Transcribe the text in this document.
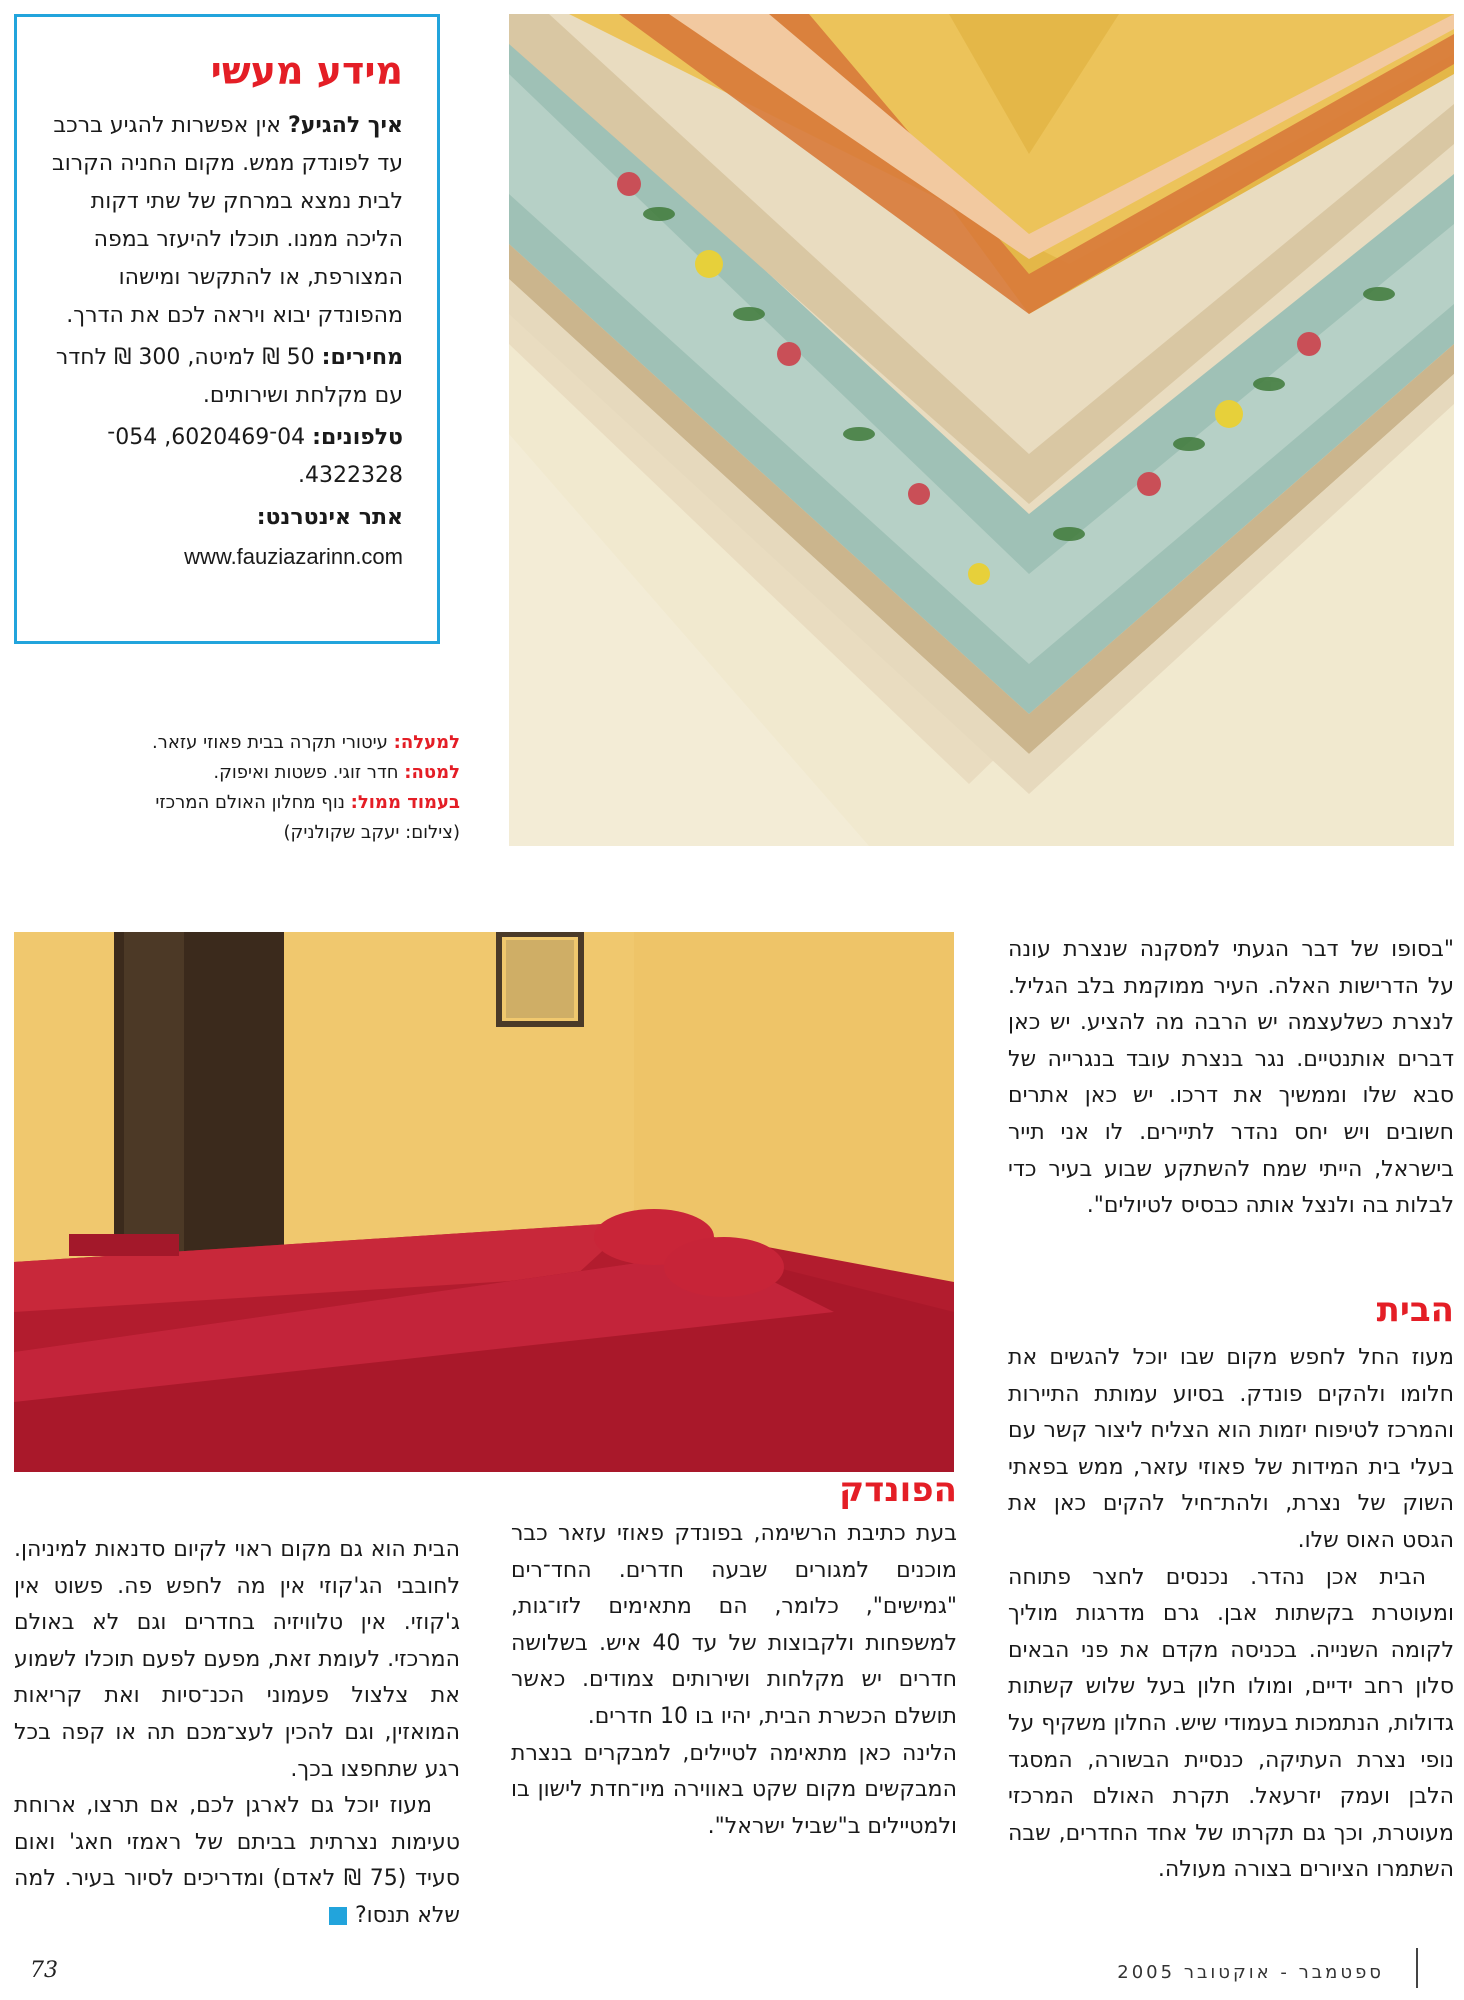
מידע מעשי

איך להגיע? אין אפשרות להגיע ברכב עד לפונדק ממש. מקום החניה הקרוב לבית נמצא במרחק של שתי דקות הליכה ממנו. תוכלו להיעזר במפה המצורפת, או להתקשר ומישהו מהפונדק יבוא ויראה לכם את הדרך.

מחירים: 50 ₪ למיטה, 300 ₪ לחדר עם מקלחת ושירותים.

טלפונים: 04־6020469, 054־4322328.

אתר אינטרנט:

www.fauziazarinn.com
למעלה: עיטורי תקרה בבית פאוזי עזאר.
למטה: חדר זוגי. פשטות ואיפוק.
בעמוד ממול: נוף מחלון האולם המרכזי
(צילום: יעקב שקולניק)

"בסופו של דבר הגעתי למסקנה שנצרת עונה על הדרישות האלה. העיר ממוקמת בלב הגליל. לנצרת כשלעצמה יש הרבה מה להציע. יש כאן דברים אותנטיים. נגר בנצרת עובד בנגרייה של סבא שלו וממשיך את דרכו. יש כאן אתרים חשובים ויש יחס נהדר לתיירים. לו אני תייר בישראל, הייתי שמח להשתקע שבוע בעיר כדי לבלות בה ולנצל אותה כבסיס לטיולים".

הבית

מעוז החל לחפש מקום שבו יוכל להגשים את חלומו ולהקים פונדק. בסיוע עמותת התיירות והמרכז לטיפוח יזמות הוא הצליח ליצור קשר עם בעלי בית המידות של פאוזי עזאר, ממש בפאתי השוק של נצרת, ולהת־חיל להקים כאן את הגסט האוס שלו.

הבית אכן נהדר. נכנסים לחצר פתוחה ומעוטרת בקשתות אבן. גרם מדרגות מוליך לקומה השנייה. בכניסה מקדם את פני הבאים סלון רחב ידיים, ומולו חלון בעל שלוש קשתות גדולות, הנתמכות בעמודי שיש. החלון משקיף על נופי נצרת העתיקה, כנסיית הבשורה, המסגד הלבן ועמק יזרעאל. תקרת האולם המרכזי מעוטרת, וכך גם תקרתו של אחד החדרים, שבה השתמרו הציורים בצורה מעולה.

הפונדק

בעת כתיבת הרשימה, בפונדק פאוזי עזאר כבר מוכנים למגורים שבעה חדרים. החד־רים "גמישים", כלומר, הם מתאימים לזו־גות, למשפחות ולקבוצות של עד 40 איש. בשלושה חדרים יש מקלחות ושירותים צמודים. כאשר תושלם הכשרת הבית, יהיו בו 10 חדרים.

הלינה כאן מתאימה לטיילים, למבקרים בנצרת המבקשים מקום שקט באווירה מיו־חדת לישון בו ולמטיילים ב"שביל ישראל".

הבית הוא גם מקום ראוי לקיום סדנאות למיניהן. לחובבי הג'קוזי אין מה לחפש פה. פשוט אין ג'קוזי. אין טלוויזיה בחדרים וגם לא באולם המרכזי. לעומת זאת, מפעם לפעם תוכלו לשמוע את צלצול פעמוני הכנ־סיות ואת קריאות המואזין, וגם להכין לעצ־מכם תה או קפה בכל רגע שתחפצו בכך.

מעוז יוכל גם לארגן לכם, אם תרצו, ארוחת טעימות נצרתית בביתם של ראמזי חאג' ואום סעיד (75 ₪ לאדם) ומדריכים לסיור בעיר. למה שלא תנסו?

73	ספטמבר - אוקטובר 2005
